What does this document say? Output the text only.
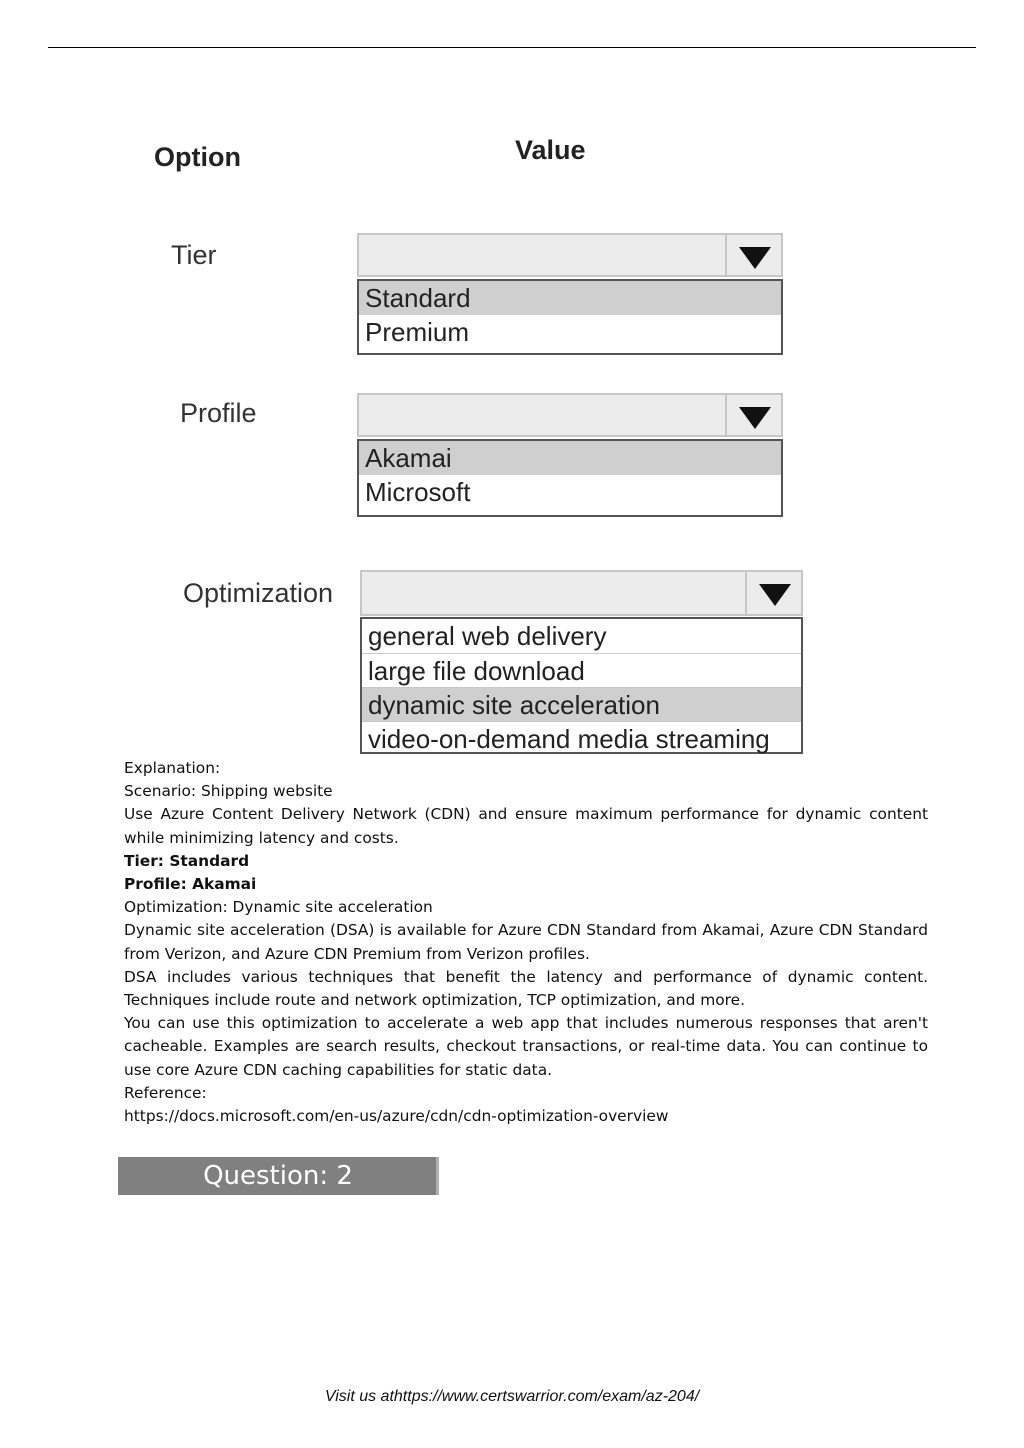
Option	Value
Tier
Standard
Premium
Profile
Akamai
Microsoft
Optimization
general web delivery
large file download
dynamic site acceleration
video-on-demand media streaming

Explanation:

Scenario: Shipping website

Use Azure Content Delivery Network (CDN) and ensure maximum performance for dynamic content while minimizing latency and costs.

Tier: Standard

Profile: Akamai

Optimization: Dynamic site acceleration

Dynamic site acceleration (DSA) is available for Azure CDN Standard from Akamai, Azure CDN Standard from Verizon, and Azure CDN Premium from Verizon profiles.

DSA includes various techniques that benefit the latency and performance of dynamic content. Techniques include route and network optimization, TCP optimization, and more.

You can use this optimization to accelerate a web app that includes numerous responses that aren't cacheable. Examples are search results, checkout transactions, or real-time data. You can continue to use core Azure CDN caching capabilities for static data.

Reference:

https://docs.microsoft.com/en-us/azure/cdn/cdn-optimization-overview

Question: 2
Visit us athttps://www.certswarrior.com/exam/az-204/
